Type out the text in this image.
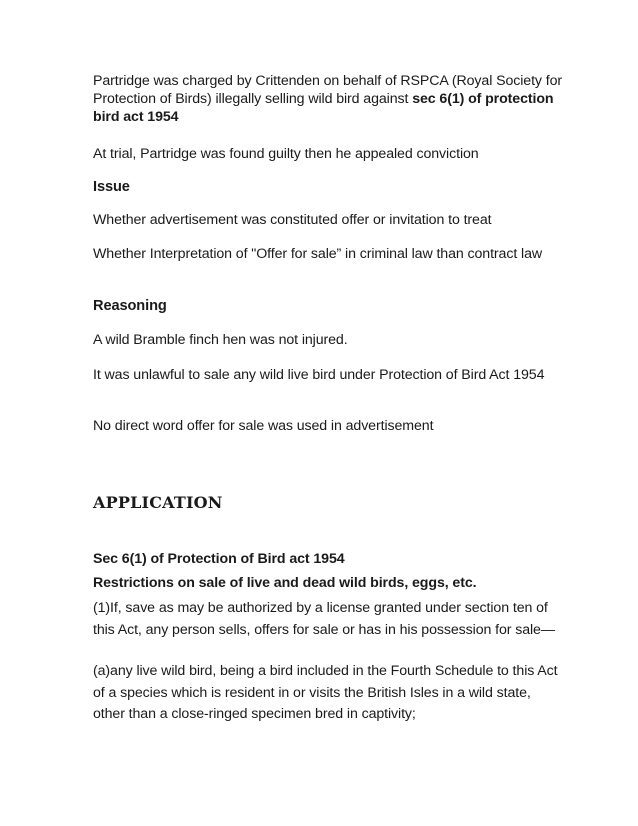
Partridge was charged by Crittenden on behalf of RSPCA (Royal Society for Protection of Birds) illegally selling wild bird against sec 6(1) of protection bird act 1954

At trial, Partridge was found guilty then he appealed conviction

Issue

Whether advertisement was constituted offer or invitation to treat

Whether Interpretation of "Offer for sale” in criminal law than contract law

Reasoning

A wild Bramble finch hen was not injured.

It was unlawful to sale any wild live bird under Protection of Bird Act 1954

No direct word offer for sale was used in advertisement

APPLICATION

Sec 6(1) of Protection of Bird act 1954

Restrictions on sale of live and dead wild birds, eggs, etc.

(1)If, save as may be authorized by a license granted under section ten of this Act, any person sells, offers for sale or has in his possession for sale—

(a)any live wild bird, being a bird included in the Fourth Schedule to this Act of a species which is resident in or visits the British Isles in a wild state, other than a close-ringed specimen bred in captivity;
